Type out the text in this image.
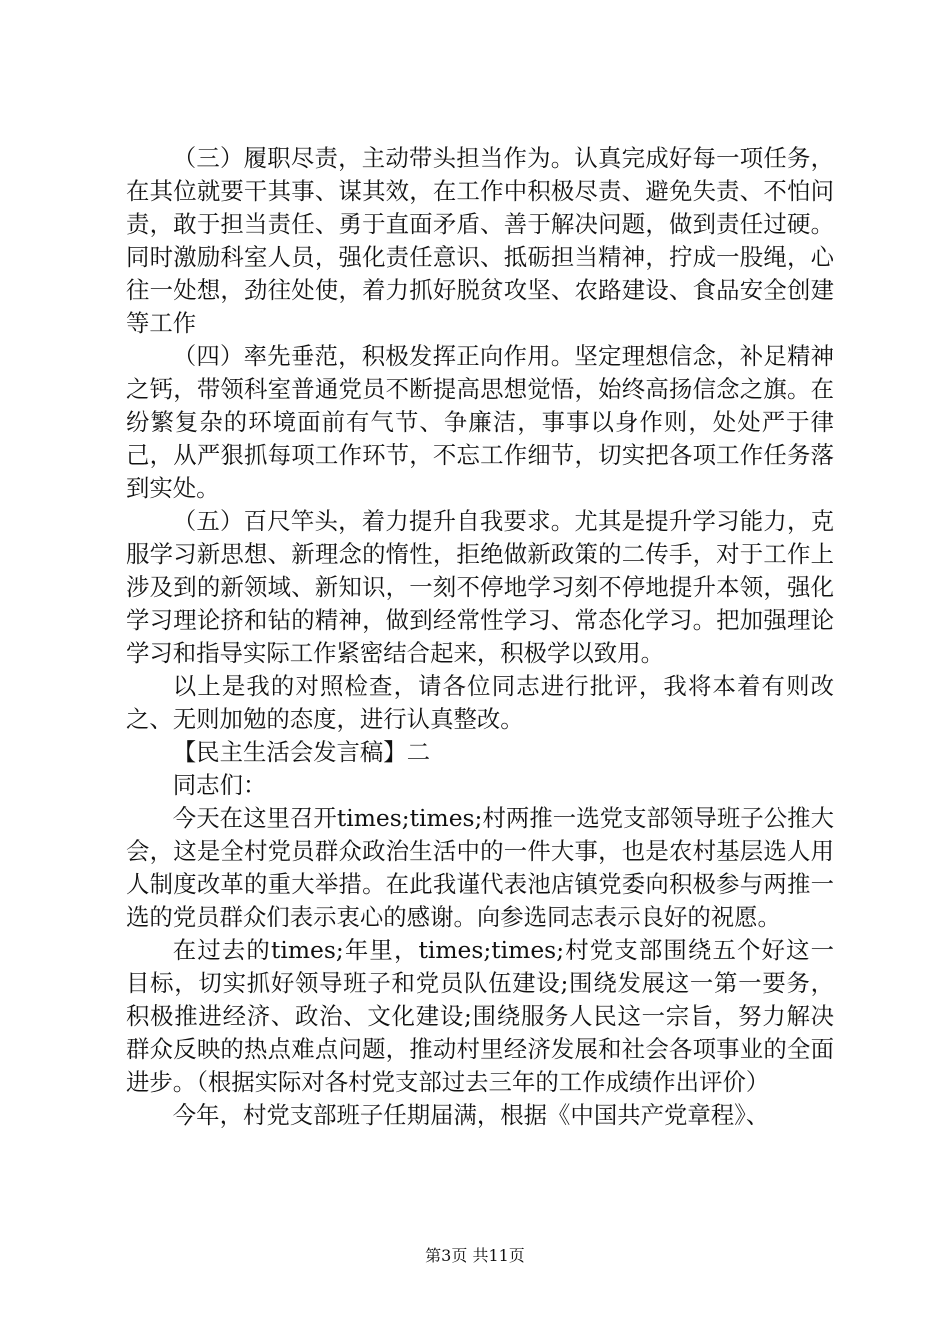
（三）履职尽责，主动带头担当作为。认真完成好每一项任务，在其位就要干其事、谋其效，在工作中积极尽责、避免失责、不怕问责，敢于担当责任、勇于直面矛盾、善于解决问题，做到责任过硬。同时激励科室人员，强化责任意识、抵砺担当精神，拧成一股绳，心往一处想，劲往处使，着力抓好脱贫攻坚、农路建设、食品安全创建等工作

（四）率先垂范，积极发挥正向作用。坚定理想信念，补足精神之钙，带领科室普通党员不断提高思想觉悟，始终高扬信念之旗。在纷繁复杂的环境面前有气节、争廉洁，事事以身作则，处处严于律己，从严狠抓每项工作环节，不忘工作细节，切实把各项工作任务落到实处。

（五）百尺竿头，着力提升自我要求。尤其是提升学习能力，克服学习新思想、新理念的惰性，拒绝做新政策的二传手，对于工作上涉及到的新领域、新知识，一刻不停地学习刻不停地提升本领，强化学习理论挤和钻的精神，做到经常性学习、常态化学习。把加强理论学习和指导实际工作紧密结合起来，积极学以致用。

以上是我的对照检查，请各位同志进行批评，我将本着有则改之、无则加勉的态度，进行认真整改。

【民主生活会发言稿】二

同志们：

今天在这里召开times;times;村两推一选党支部领导班子公推大会，这是全村党员群众政治生活中的一件大事，也是农村基层选人用人制度改革的重大举措。在此我谨代表池店镇党委向积极参与两推一选的党员群众们表示衷心的感谢。向参选同志表示良好的祝愿。

在过去的times;年里，times;times;村党支部围绕五个好这一目标，切实抓好领导班子和党员队伍建设;围绕发展这一第一要务，积极推进经济、政治、文化建设;围绕服务人民这一宗旨，努力解决群众反映的热点难点问题，推动村里经济发展和社会各项事业的全面进步。（根据实际对各村党支部过去三年的工作成绩作出评价）

今年，村党支部班子任期届满，根据《中国共产党章程》、

第3页 共11页
